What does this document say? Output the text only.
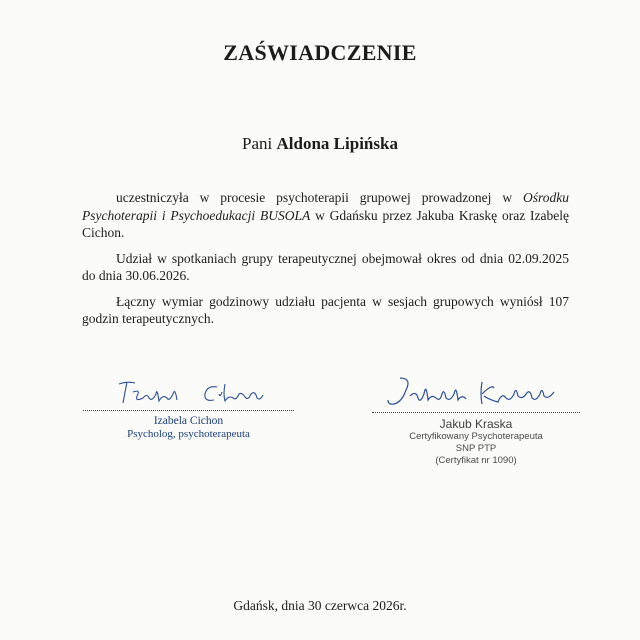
ZAŚWIADCZENIE
Pani Aldona Lipińska

uczestniczyła w procesie psychoterapii grupowej prowadzonej w Ośrodku Psychoterapii i Psychoedukacji BUSOLA w Gdańsku przez Jakuba Kraskę oraz Izabelę Cichon.

Udział w spotkaniach grupy terapeutycznej obejmował okres od dnia 02.09.2025 do dnia 30.06.2026.

Łączny wymiar godzinowy udziału pacjenta w sesjach grupowych wyniósł 107 godzin terapeutycznych.

Izabela Cichon
Psycholog, psychoterapeuta
Jakub Kraska
Certyfikowany Psychoterapeuta
SNP PTP
(Certyfikat nr 1090)
Gdańsk, dnia 30 czerwca 2026r.
